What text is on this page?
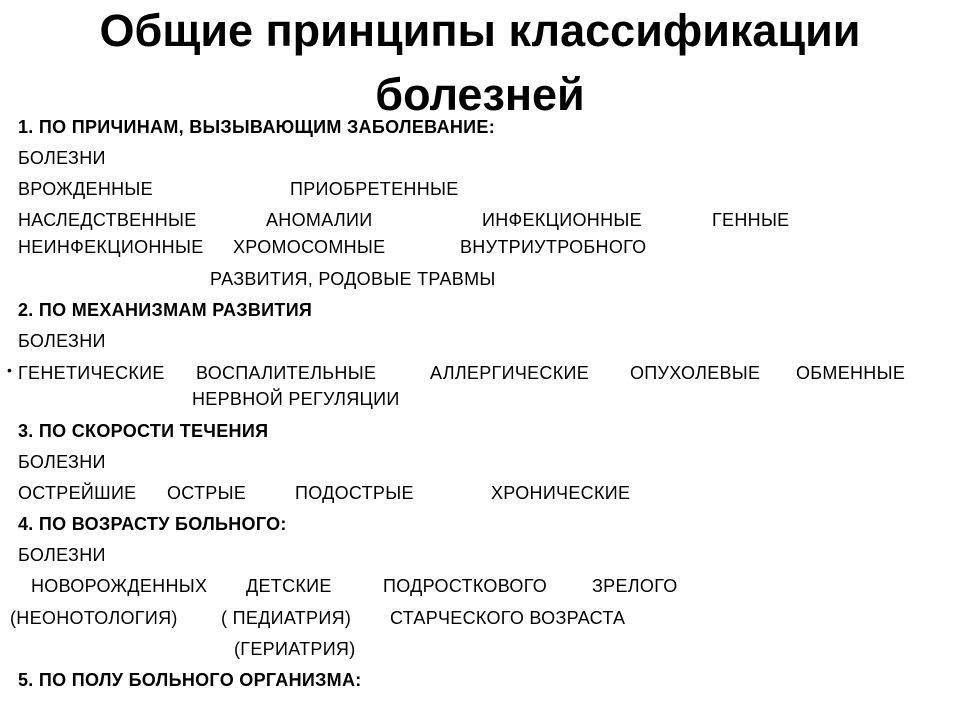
Общие принципы классификации
болезней
1. ПО ПРИЧИНАМ, ВЫЗЫВАЮЩИМ ЗАБОЛЕВАНИЕ:
БОЛЕЗНИ
ВРОЖДЕННЫЕ	ПРИОБРЕТЕННЫЕ
НАСЛЕДСТВЕННЫЕ	АНОМАЛИИ	ИНФЕКЦИОННЫЕ	ГЕННЫЕ
НЕИНФЕКЦИОННЫЕ ХРОМОСОМНЫЕ	ВНУТРИУТРОБНОГО
РАЗВИТИЯ, РОДОВЫЕ ТРАВМЫ
2. ПО МЕХАНИЗМАМ РАЗВИТИЯ
БОЛЕЗНИ
• ГЕНЕТИЧЕСКИЕ ВОСПАЛИТЕЛЬНЫЕ	АЛЛЕРГИЧЕСКИЕ ОПУХОЛЕВЫЕ ОБМЕННЫЕ
НЕРВНОЙ РЕГУЛЯЦИИ
3. ПО СКОРОСТИ ТЕЧЕНИЯ
БОЛЕЗНИ
ОСТРЕЙШИЕ ОСТРЫЕ	ПОДОСТРЫЕ	ХРОНИЧЕСКИЕ
4. ПО ВОЗРАСТУ БОЛЬНОГО:
БОЛЕЗНИ
НОВОРОЖДЕННЫХ ДЕТСКИЕ	ПОДРОСТКОВОГО ЗРЕЛОГО
(НЕОНОТОЛОГИЯ) ( ПЕДИАТРИЯ) СТАРЧЕСКОГО ВОЗРАСТА
(ГЕРИАТРИЯ)
5. ПО ПОЛУ БОЛЬНОГО ОРГАНИЗМА:
